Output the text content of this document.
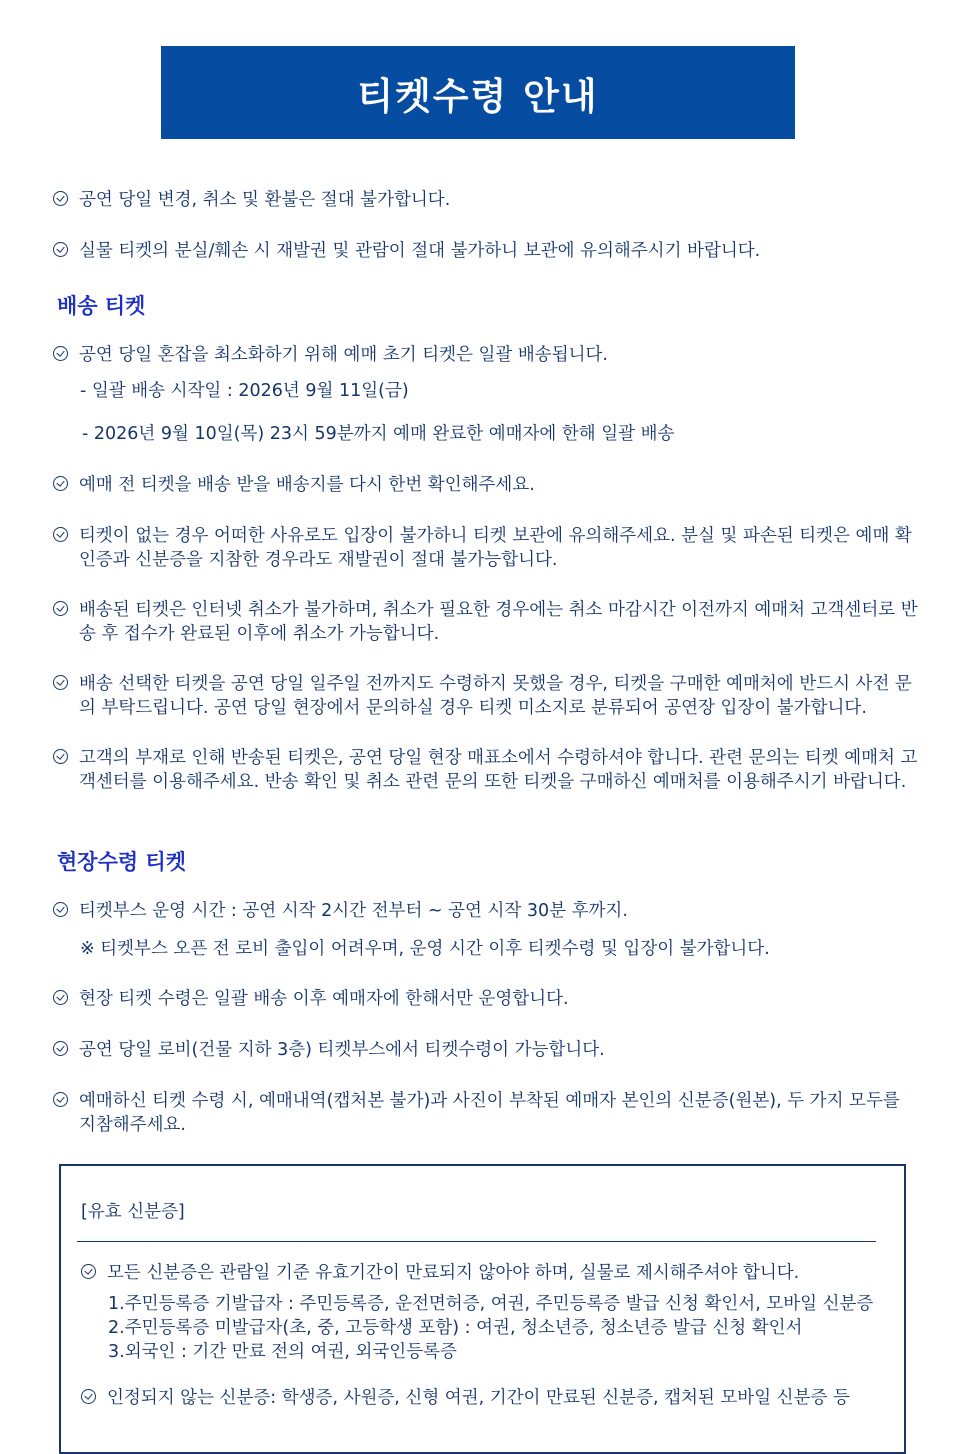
티켓수령 안내
공연 당일 변경, 취소 및 환불은 절대 불가합니다.
실물 티켓의 분실/훼손 시 재발권 및 관람이 절대 불가하니 보관에 유의해주시기 바랍니다.
배송 티켓
공연 당일 혼잡을 최소화하기 위해 예매 초기 티켓은 일괄 배송됩니다.
- 일괄 배송 시작일 : 2026년 9월 11일(금)
- 2026년 9월 10일(목) 23시 59분까지 예매 완료한 예매자에 한해 일괄 배송
예매 전 티켓을 배송 받을 배송지를 다시 한번 확인해주세요.
티켓이 없는 경우 어떠한 사유로도 입장이 불가하니 티켓 보관에 유의해주세요. 분실 및 파손된 티켓은 예매 확인증과 신분증을 지참한 경우라도 재발권이 절대 불가능합니다.
배송된 티켓은 인터넷 취소가 불가하며, 취소가 필요한 경우에는 취소 마감시간 이전까지 예매처 고객센터로 반송 후 접수가 완료된 이후에 취소가 가능합니다.
배송 선택한 티켓을 공연 당일 일주일 전까지도 수령하지 못했을 경우, 티켓을 구매한 예매처에 반드시 사전 문의 부탁드립니다. 공연 당일 현장에서 문의하실 경우 티켓 미소지로 분류되어 공연장 입장이 불가합니다.
고객의 부재로 인해 반송된 티켓은, 공연 당일 현장 매표소에서 수령하셔야 합니다. 관련 문의는 티켓 예매처 고객센터를 이용해주세요. 반송 확인 및 취소 관련 문의 또한 티켓을 구매하신 예매처를 이용해주시기 바랍니다.
현장수령 티켓
티켓부스 운영 시간 : 공연 시작 2시간 전부터 ~ 공연 시작 30분 후까지.
※ 티켓부스 오픈 전 로비 출입이 어려우며, 운영 시간 이후 티켓수령 및 입장이 불가합니다.
현장 티켓 수령은 일괄 배송 이후 예매자에 한해서만 운영합니다.
공연 당일 로비(건물 지하 3층) 티켓부스에서 티켓수령이 가능합니다.
예매하신 티켓 수령 시, 예매내역(캡처본 불가)과 사진이 부착된 예매자 본인의 신분증(원본), 두 가지 모두를 지참해주세요.
[유효 신분증]
모든 신분증은 관람일 기준 유효기간이 만료되지 않아야 하며, 실물로 제시해주셔야 합니다.
1.주민등록증 기발급자 : 주민등록증, 운전면허증, 여권, 주민등록증 발급 신청 확인서, 모바일 신분증
2.주민등록증 미발급자(초, 중, 고등학생 포함) : 여권, 청소년증, 청소년증 발급 신청 확인서
3.외국인 : 기간 만료 전의 여권, 외국인등록증
인정되지 않는 신분증: 학생증, 사원증, 신형 여권, 기간이 만료된 신분증, 캡처된 모바일 신분증 등
